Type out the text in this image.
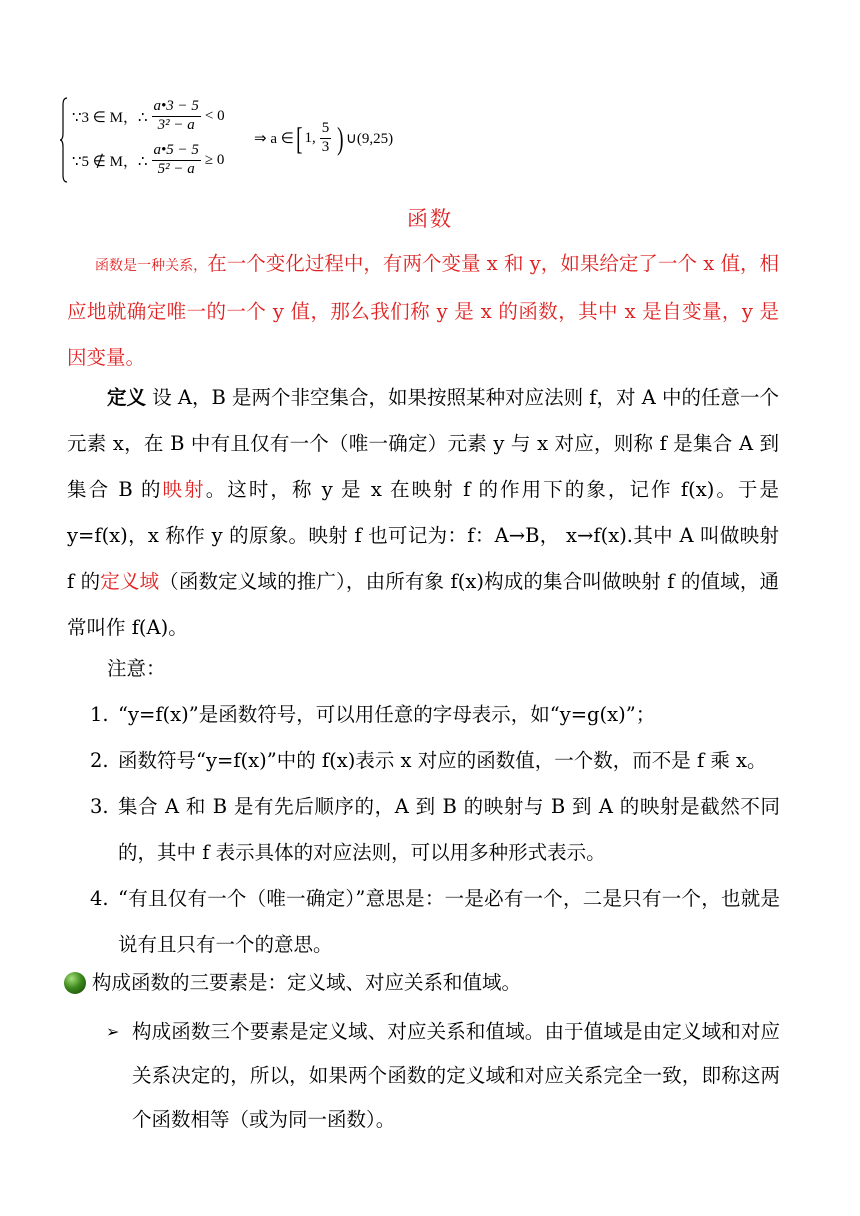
∵3 ∈ M，∴ $\frac{a•3 - 5}{\text{3² − a}} < 0$
∵5 ∉ M，∴ $\frac{a•5 - 5}{\text{5² − a}} \ge 0$
⇒ a ∈ [ 1, $\frac{5}{3}$ ) ∪(9,25)
函数
函数是一种关系，在一个变化过程中，有两个变量 x 和 y，如果给定了一个 x 值，相应地就确定唯一的一个 y 值，那么我们称 y 是 x 的函数，其中 x 是自变量，y 是因变量。
定义 设 A，B 是两个非空集合，如果按照某种对应法则 f，对 A 中的任意一个元素 x，在 B 中有且仅有一个（唯一确定）元素 y 与 x 对应，则称 f 是集合 A 到集合 B 的映射。这时，称 y 是 x 在映射 f 的作用下的象，记作 f(x)。于是 y=f(x)，x 称作 y 的原象。映射 f 也可记为：f：A→B， x→f(x).其中 A 叫做映射 f 的定义域（函数定义域的推广），由所有象 f(x)构成的集合叫做映射 f 的值域，通常叫作 f(A)。
注意：
1. “y=f(x)”是函数符号，可以用任意的字母表示，如“y=g(x)”；
2. 函数符号“y=f(x)”中的 f(x)表示 x 对应的函数值，一个数，而不是 f 乘 x。
3. 集合 A 和 B 是有先后顺序的，A 到 B 的映射与 B 到 A 的映射是截然不同的，其中 f 表示具体的对应法则，可以用多种形式表示。
4. “有且仅有一个（唯一确定）”意思是：一是必有一个，二是只有一个，也就是说有且只有一个的意思。
构成函数的三要素是：定义域、对应关系和值域。
➢ 构成函数三个要素是定义域、对应关系和值域。由于值域是由定义域和对应关系决定的，所以，如果两个函数的定义域和对应关系完全一致，即称这两个函数相等（或为同一函数）。
